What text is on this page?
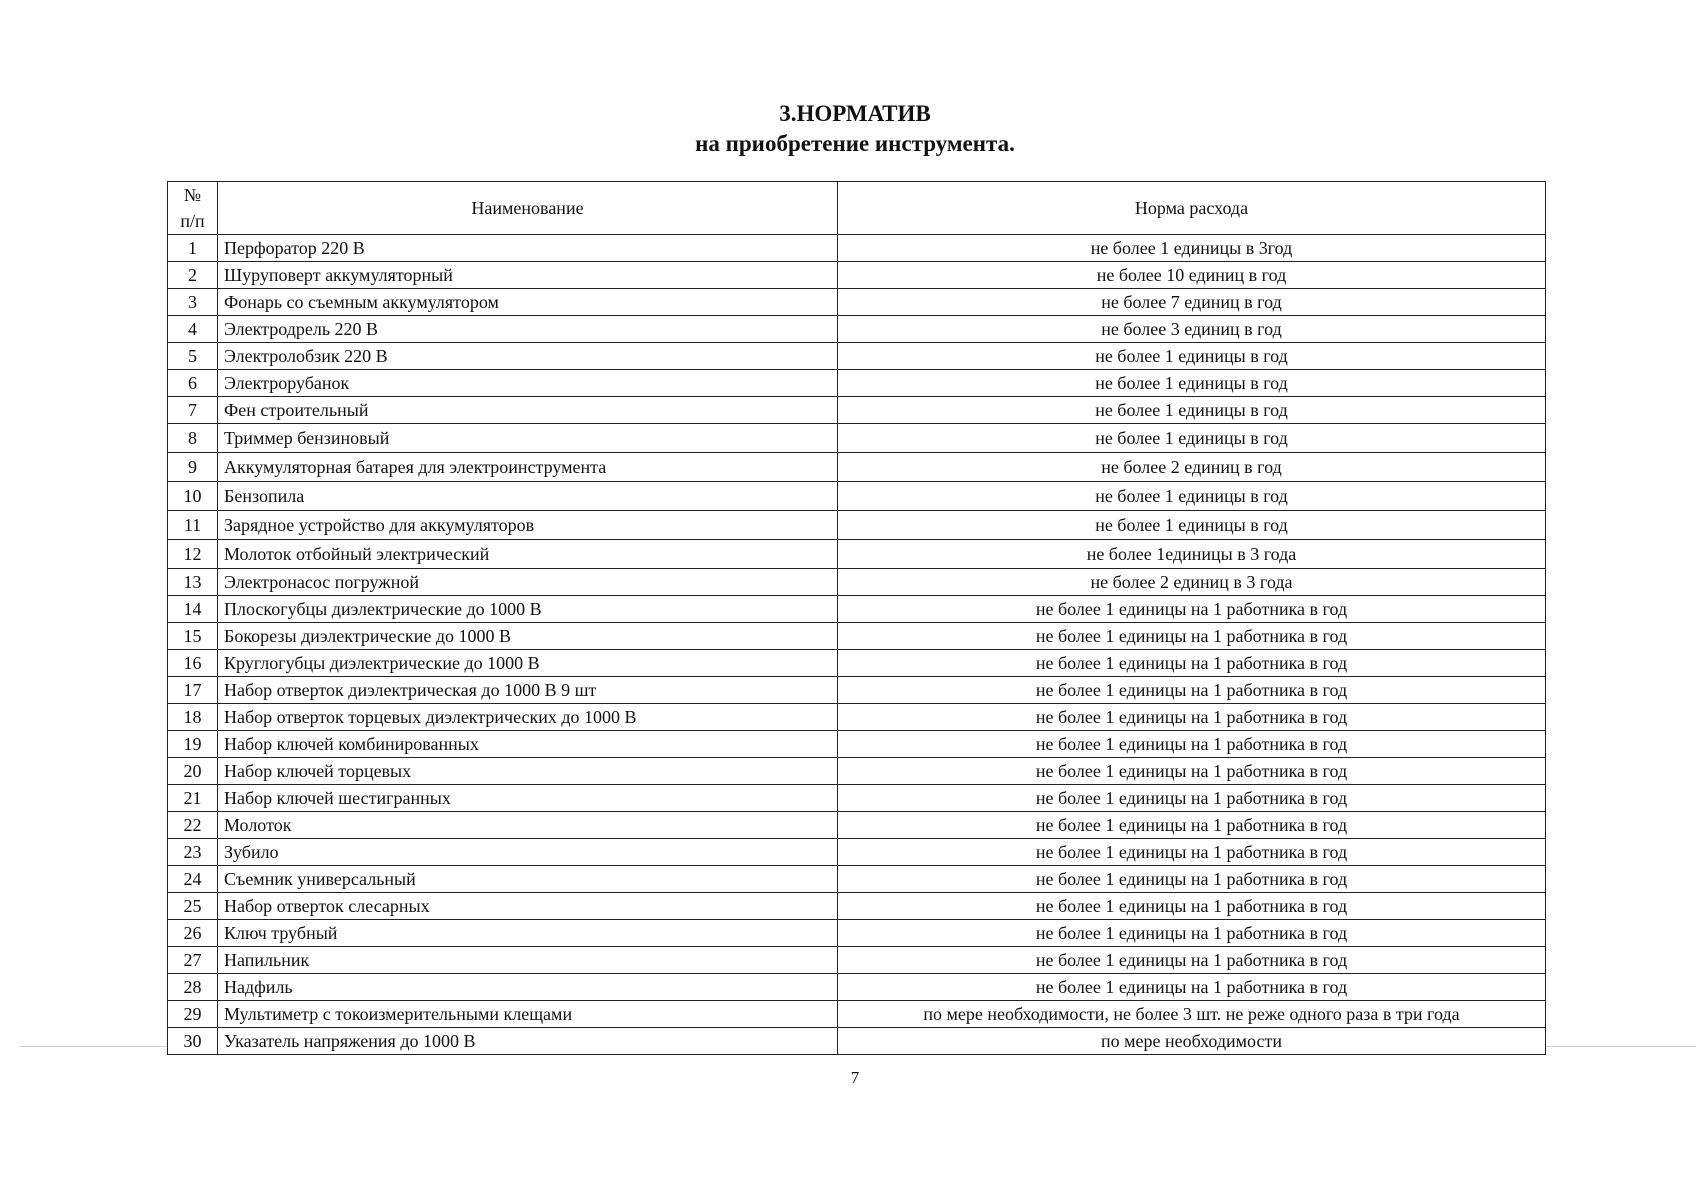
3.НОРМАТИВ
на приобретение инструмента.
№
п/п	Наименование	Норма расхода
1	Перфоратор 220 В	не более 1 единицы в 3год
2	Шуруповерт аккумуляторный	не более 10 единиц в год
3	Фонарь со съемным аккумулятором	не более 7 единиц в год
4	Электродрель 220 В	не более 3 единиц в год
5	Электролобзик 220 В	не более 1 единицы в год
6	Электрорубанок	не более 1 единицы в год
7	Фен строительный	не более 1 единицы в год
8	Триммер бензиновый	не более 1 единицы в год
9	Аккумуляторная батарея для электроинструмента	не более 2 единиц в год
10	Бензопила	не более 1 единицы в год
11	Зарядное устройство для аккумуляторов	не более 1 единицы в год
12	Молоток отбойный электрический	не более 1единицы в 3 года
13	Электронасос погружной	не более 2 единиц в 3 года
14	Плоскогубцы диэлектрические до 1000 В	не более 1 единицы на 1 работника в год
15	Бокорезы диэлектрические до 1000 В	не более 1 единицы на 1 работника в год
16	Круглогубцы диэлектрические до 1000 В	не более 1 единицы на 1 работника в год
17	Набор отверток диэлектрическая до 1000 В 9 шт	не более 1 единицы на 1 работника в год
18	Набор отверток торцевых диэлектрических до 1000 В	не более 1 единицы на 1 работника в год
19	Набор ключей комбинированных	не более 1 единицы на 1 работника в год
20	Набор ключей торцевых	не более 1 единицы на 1 работника в год
21	Набор ключей шестигранных	не более 1 единицы на 1 работника в год
22	Молоток	не более 1 единицы на 1 работника в год
23	Зубило	не более 1 единицы на 1 работника в год
24	Съемник универсальный	не более 1 единицы на 1 работника в год
25	Набор отверток слесарных	не более 1 единицы на 1 работника в год
26	Ключ трубный	не более 1 единицы на 1 работника в год
27	Напильник	не более 1 единицы на 1 работника в год
28	Надфиль	не более 1 единицы на 1 работника в год
29	Мультиметр с токоизмерительными клещами	по мере необходимости, не более 3 шт. не реже одного раза в три года
30	Указатель напряжения до 1000 В	по мере необходимости
7
